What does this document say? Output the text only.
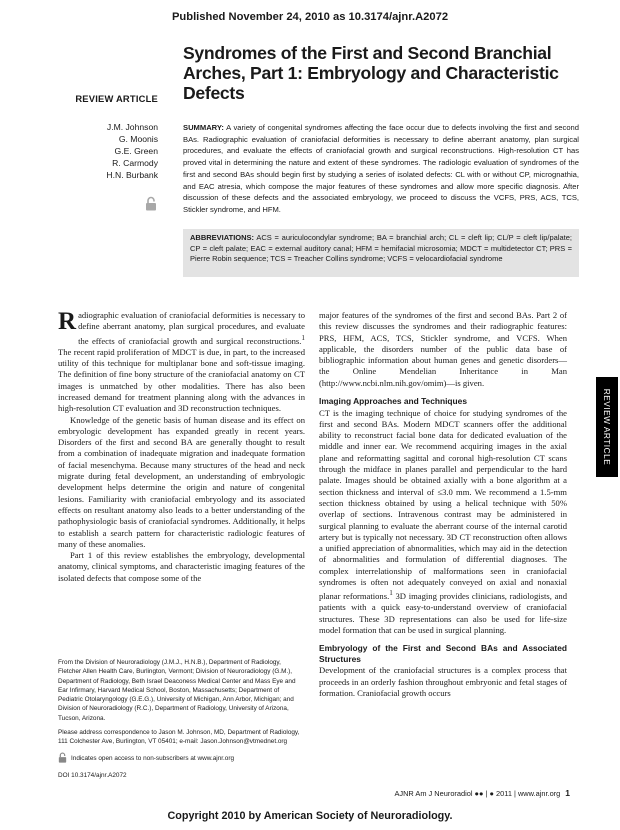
Published November 24, 2010 as 10.3174/ajnr.A2072
REVIEW ARTICLE
Syndromes of the First and Second Branchial Arches, Part 1: Embryology and Characteristic Defects
J.M. Johnson
G. Moonis
G.E. Green
R. Carmody
H.N. Burbank
SUMMARY: A variety of congenital syndromes affecting the face occur due to defects involving the first and second BAs. Radiographic evaluation of craniofacial deformities is necessary to define aberrant anatomy, plan surgical procedures, and evaluate the effects of craniofacial growth and surgical reconstructions. High-resolution CT has proved vital in determining the nature and extent of these syndromes. The radiologic evaluation of syndromes of the first and second BAs should begin first by studying a series of isolated defects: CL with or without CP, micrognathia, and EAC atresia, which compose the major features of these syndromes and allow more specific diagnosis. After discussion of these defects and the associated embryology, we proceed to discuss the VCFS, PRS, ACS, TCS, Stickler syndrome, and HFM.
ABBREVIATIONS: ACS = auriculocondylar syndrome; BA = branchial arch; CL = cleft lip; CL/P = cleft lip/palate; CP = cleft palate; EAC = external auditory canal; HFM = hemifacial microsomia; MDCT = multidetector CT; PRS = Pierre Robin sequence; TCS = Treacher Collins syndrome; VCFS = velocardiofacial syndrome

Radiographic evaluation of craniofacial deformities is necessary to define aberrant anatomy, plan surgical procedures, and evaluate the effects of craniofacial growth and surgical reconstructions.$^1$ The recent rapid proliferation of MDCT is due, in part, to the increased utility of this technique for multiplanar bone and soft-tissue imaging. The definition of fine bony structure of the craniofacial anatomy on CT images is unmatched by other modalities. There has also been increased demand for treatment planning along with the advances in high-resolution CT evaluation and 3D reconstruction techniques.

Knowledge of the genetic basis of human disease and its effect on embryologic development has expanded greatly in recent years. Disorders of the first and second BA are generally thought to result from a combination of inadequate migration and inadequate formation of facial mesenchyma. Because many structures of the head and neck migrate during fetal development, an understanding of embryologic development helps determine the origin and nature of congenital lesions. Familiarity with craniofacial embryology and its associated effects on resultant anatomy also leads to a better understanding of the pathophysiologic basis of craniofacial syndromes. Additionally, it helps to establish a search pattern for characteristic radiologic features of many of these anomalies.

Part 1 of this review establishes the embryology, developmental anatomy, clinical symptoms, and characteristic imaging features of the isolated defects that compose some of the

From the Division of Neuroradiology (J.M.J., H.N.B.), Department of Radiology, Fletcher Allen Health Care, Burlington, Vermont; Division of Neuroradiology (G.M.), Department of Radiology, Beth Israel Deaconess Medical Center and Mass Eye and Ear Infirmary, Harvard Medical School, Boston, Massachusetts; Department of Pediatric Otolaryngology (G.E.G.), University of Michigan, Ann Arbor, Michigan; and Division of Neuroradiology (R.C.), Department of Radiology, University of Arizona, Tucson, Arizona.

Please address correspondence to Jason M. Johnson, MD, Department of Radiology, 111 Colchester Ave, Burlington, VT 05401; e-mail: Jason.Johnson@vtmednet.org

Indicates open access to non-subscribers at www.ajnr.org

DOI 10.3174/ajnr.A2072

major features of the syndromes of the first and second BAs. Part 2 of this review discusses the syndromes and their radiographic features: PRS, HFM, ACS, TCS, Stickler syndrome, and VCFS. When applicable, the disorders number of the public data base of bibliographic information about human genes and genetic disorders—the Online Mendelian Inheritance in Man (http://www.ncbi.nlm.nih.gov/omim)—is given.

Imaging Approaches and Techniques

CT is the imaging technique of choice for studying syndromes of the first and second BAs. Modern MDCT scanners offer the additional ability to reconstruct facial bone data for dedicated evaluation of the middle and inner ear. We recommend acquiring images in the axial plane and reformatting sagittal and coronal high-resolution CT scans through the midface in planes parallel and perpendicular to the hard palate. Images should be obtained axially with a bone algorithm at a section thickness and interval of ≤3.0 mm. We recommend a 1.5-mm section thickness obtained by using a helical technique with 50% overlap of sections. Intravenous contrast may be administered in surgical planning to evaluate the aberrant course of the internal carotid artery but is typically not necessary. 3D CT reconstruction often allows a unified appreciation of abnormalities, which may aid in the detection of abnormalities and formulation of differential diagnoses. The complex interrelationship of malformations seen in craniofacial syndromes is often not adequately conveyed on axial and nonaxial planar reformations.$^1$ 3D imaging provides clinicians, radiologists, and patients with a quick easy-to-understand overview of craniofacial structures. These 3D representations can also be used for life-size model formation that can be used in surgical planning.

Embryology of the First and Second BAs and Associated Structures

Development of the craniofacial structures is a complex process that proceeds in an orderly fashion throughout embryonic and fetal stages of formation. Craniofacial growth occurs

REVIEW ARTICLE
AJNR Am J Neuroradiol ●● | ● 2011 | www.ajnr.org 1
Copyright 2010 by American Society of Neuroradiology.
